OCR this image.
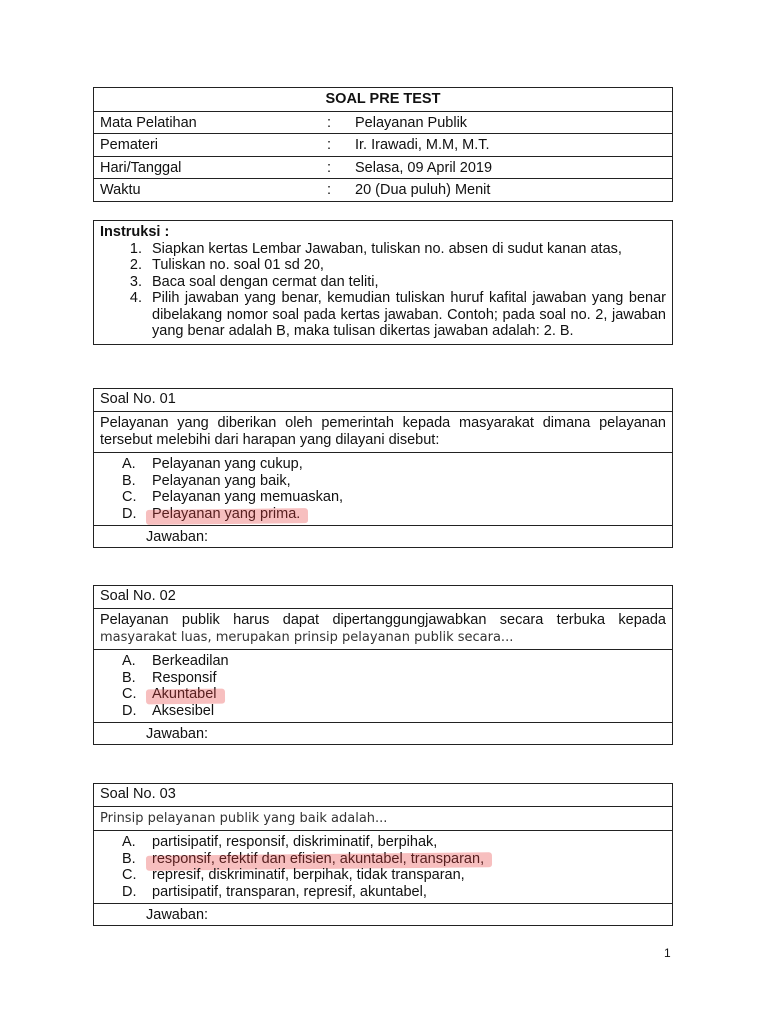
SOAL PRE TEST
Mata Pelatihan	: Pelayanan Publik
Pemateri	: Ir. Irawadi, M.M, M.T.
Hari/Tanggal	: Selasa, 09 April 2019
Waktu	: 20 (Dua puluh) Menit
Instruksi :
1. Siapkan kertas Lembar Jawaban, tuliskan no. absen di sudut kanan atas,
2. Tuliskan no. soal 01 sd 20,
3. Baca soal dengan cermat dan teliti,
4. Pilih jawaban yang benar, kemudian tuliskan huruf kafital jawaban yang benar dibelakang nomor soal pada kertas jawaban. Contoh; pada soal no. 2, jawaban yang benar adalah B, maka tulisan dikertas jawaban adalah: 2. B.
Soal No. 01
Pelayanan yang diberikan oleh pemerintah kepada masyarakat dimana pelayanan tersebut melebihi dari harapan yang dilayani disebut:
A. Pelayanan yang cukup,
B. Pelayanan yang baik,
C. Pelayanan yang memuaskan,
D. Pelayanan yang prima.
Jawaban:
Soal No. 02
Pelayanan publik harus dapat dipertanggungjawabkan secara terbuka kepada
masyarakat luas, merupakan prinsip pelayanan publik secara...
A. Berkeadilan
B. Responsif
C. Akuntabel
D. Aksesibel
Jawaban:
Soal No. 03
Prinsip pelayanan publik yang baik adalah...
A. partisipatif, responsif, diskriminatif, berpihak,
B. responsif, efektif dan efisien, akuntabel, transparan,
C. represif, diskriminatif, berpihak, tidak transparan,
D. partisipatif, transparan, represif, akuntabel,
Jawaban:
1
